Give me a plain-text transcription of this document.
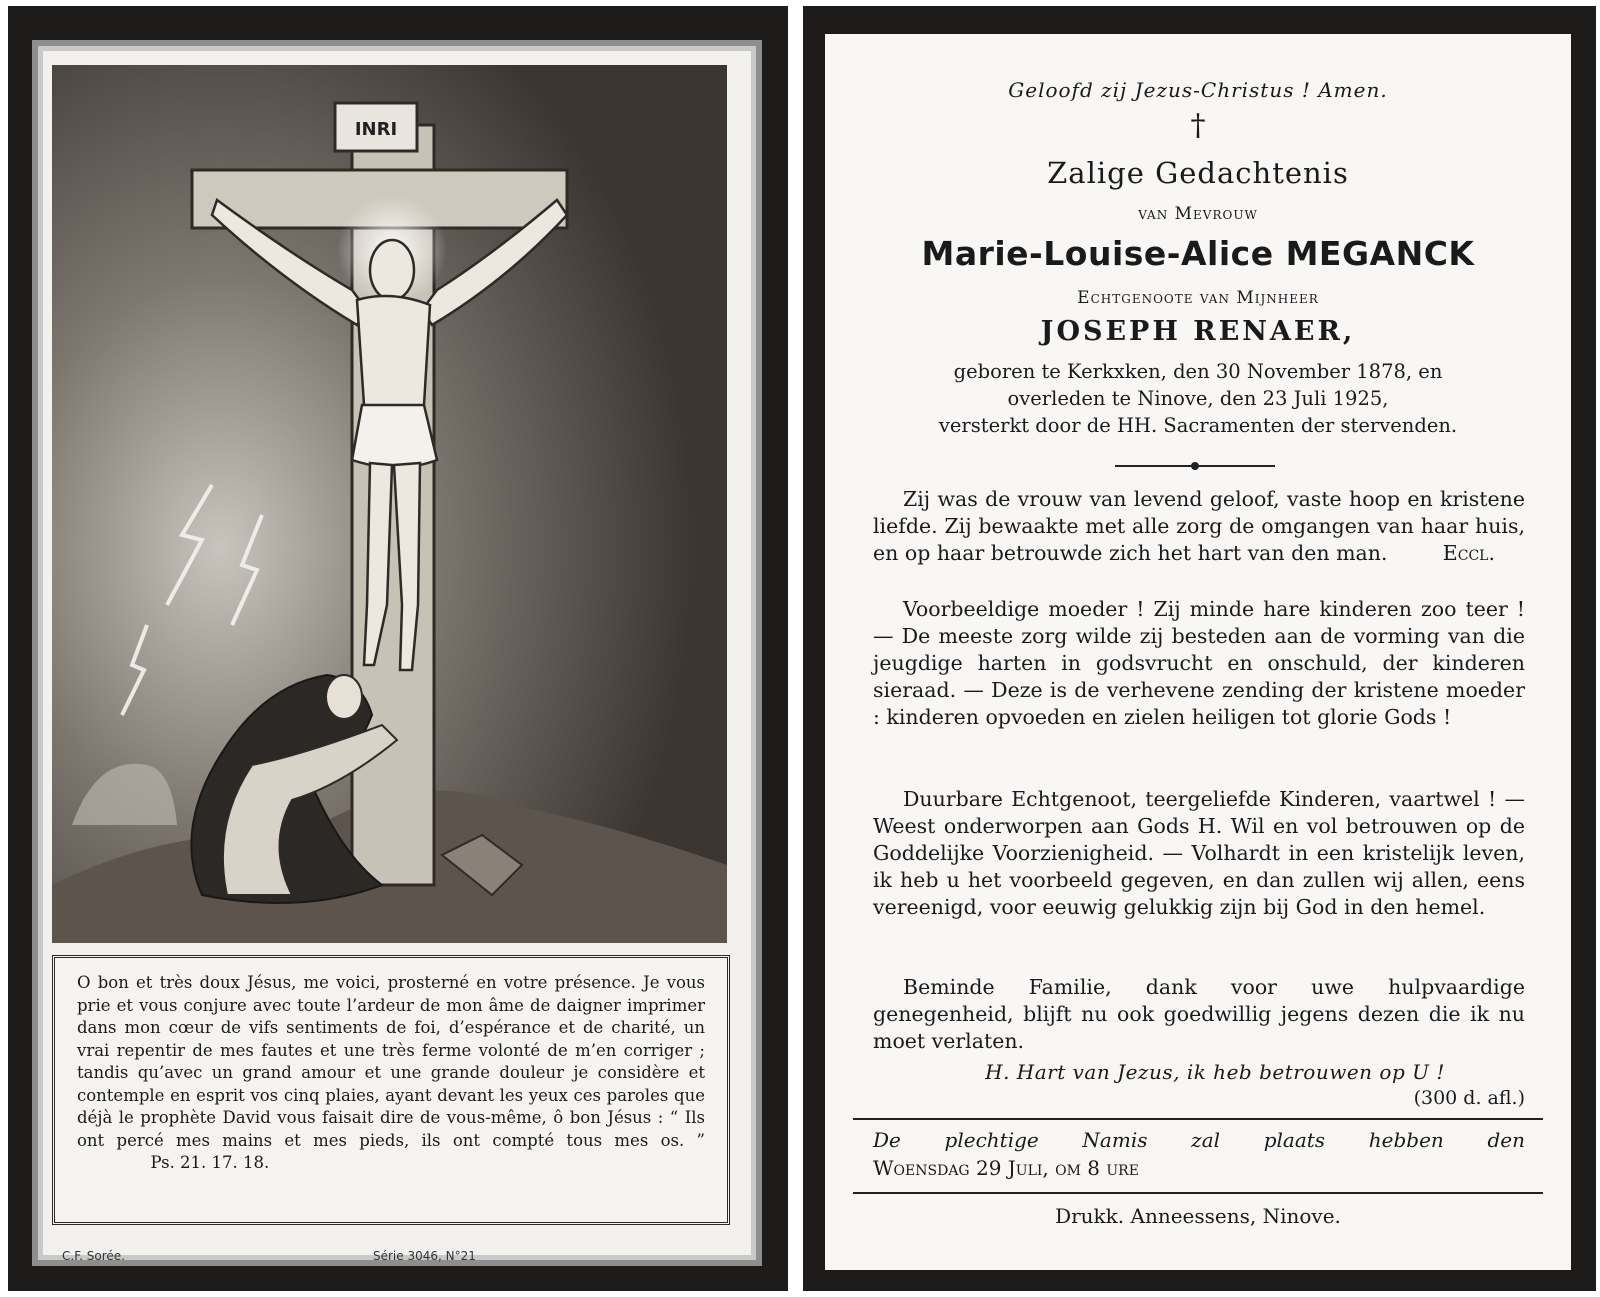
INRI
O bon et très doux Jésus, me voici, prosterné en votre présence. Je vous prie et vous conjure avec toute l’ardeur de mon âme de daigner imprimer dans mon cœur de vifs sentiments de foi, d’espérance et de charité, un vrai repentir de mes fautes et une très ferme volonté de m’en corriger ; tandis qu’avec un grand amour et une grande douleur je considère et contemple en esprit vos cinq plaies, ayant devant les yeux ces paroles que déjà le prophète David vous faisait dire de vous-même, ô bon Jésus : “ Ils ont percé mes mains et mes pieds, ils ont compté tous mes os. ”               Ps. 21. 17. 18.
C.F. Sorée.	Série 3046, N°21
Geloofd zij Jezus-Christus ! Amen.
†
Zalige Gedachtenis
van Mevrouw
Marie-Louise-Alice MEGANCK
Echtgenoote van Mijnheer
JOSEPH RENAER,
geboren te Kerkxken, den 30 November 1878, en
overleden te Ninove, den 23 Juli 1925,
versterkt door de HH. Sacramenten der stervenden.

Zij was de vrouw van levend geloof, vaste hoop en kristene liefde. Zij bewaakte met alle zorg de omgangen van haar huis, en op haar betrouwde zich het hart van den man.	Eccl.

Voorbeeldige moeder ! Zij minde hare kinderen zoo teer ! — De meeste zorg wilde zij besteden aan de vorming van die jeugdige harten in godsvrucht en onschuld, der kinderen sieraad. — Deze is de verhevene zending der kristene moeder : kinderen opvoeden en zielen heiligen tot glorie Gods !

Duurbare Echtgenoot, teergeliefde Kinderen, vaartwel ! — Weest onderworpen aan Gods H. Wil en vol betrouwen op de Goddelijke Voorzienigheid. — Volhardt in een kristelijk leven, ik heb u het voorbeeld gegeven, en dan zullen wij allen, eens vereenigd, voor eeuwig gelukkig zijn bij God in den hemel.

Beminde Familie, dank voor uwe hulpvaardige genegenheid, blijft nu ook goedwillig jegens dezen die ik nu moet verlaten.

H. Hart van Jezus, ik heb betrouwen op U !
(300 d. afl.)
De plechtige Namis zal plaats hebben den
Woensdag 29 Juli, om 8 ure
Drukk. Anneessens, Ninove.
